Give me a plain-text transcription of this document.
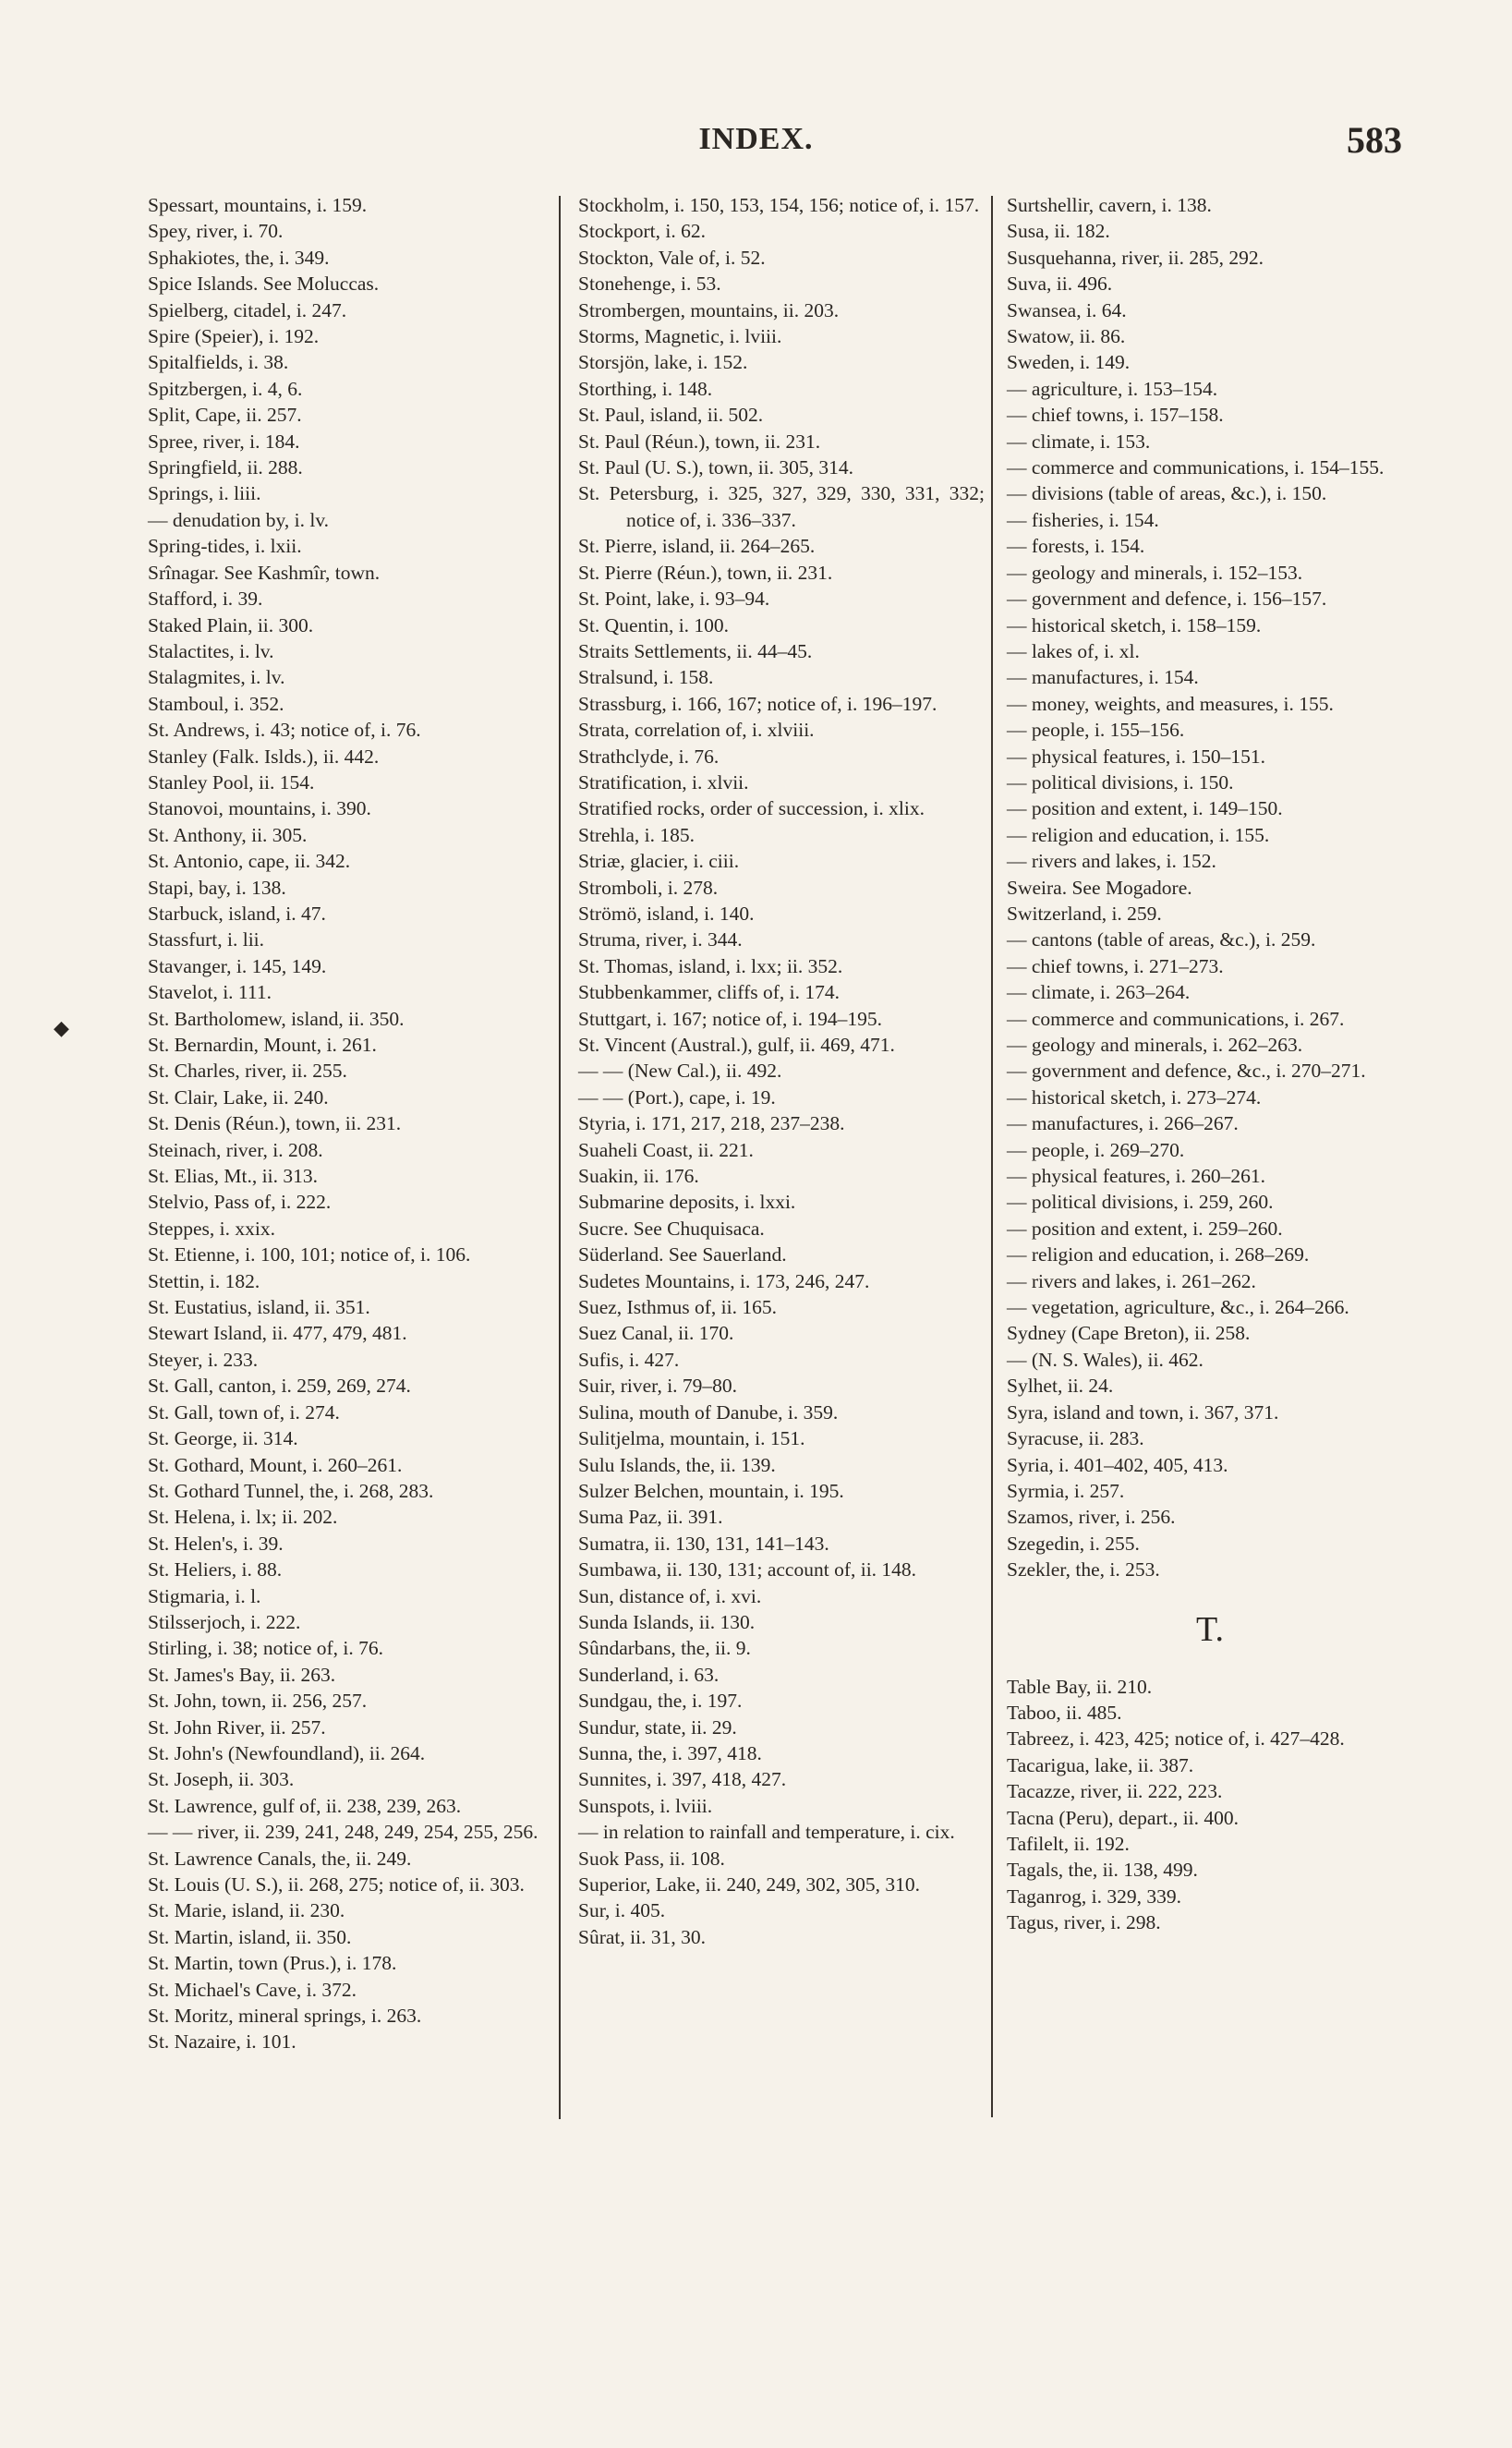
INDEX.	583
◆
Spessart, mountains, i. 159.
Spey, river, i. 70.
Sphakiotes, the, i. 349.
Spice Islands. See Moluccas.
Spielberg, citadel, i. 247.
Spire (Speier), i. 192.
Spitalfields, i. 38.
Spitzbergen, i. 4, 6.
Split, Cape, ii. 257.
Spree, river, i. 184.
Springfield, ii. 288.
Springs, i. liii.
— denudation by, i. lv.
Spring-tides, i. lxii.
Srînagar. See Kashmîr, town.
Stafford, i. 39.
Staked Plain, ii. 300.
Stalactites, i. lv.
Stalagmites, i. lv.
Stamboul, i. 352.
St. Andrews, i. 43; notice of, i. 76.
Stanley (Falk. Islds.), ii. 442.
Stanley Pool, ii. 154.
Stanovoi, mountains, i. 390.
St. Anthony, ii. 305.
St. Antonio, cape, ii. 342.
Stapi, bay, i. 138.
Starbuck, island, i. 47.
Stassfurt, i. lii.
Stavanger, i. 145, 149.
Stavelot, i. 111.
St. Bartholomew, island, ii. 350.
St. Bernardin, Mount, i. 261.
St. Charles, river, ii. 255.
St. Clair, Lake, ii. 240.
St. Denis (Réun.), town, ii. 231.
Steinach, river, i. 208.
St. Elias, Mt., ii. 313.
Stelvio, Pass of, i. 222.
Steppes, i. xxix.
St. Etienne, i. 100, 101; notice of, i. 106.
Stettin, i. 182.
St. Eustatius, island, ii. 351.
Stewart Island, ii. 477, 479, 481.
Steyer, i. 233.
St. Gall, canton, i. 259, 269, 274.
St. Gall, town of, i. 274.
St. George, ii. 314.
St. Gothard, Mount, i. 260–261.
St. Gothard Tunnel, the, i. 268, 283.
St. Helena, i. lx; ii. 202.
St. Helen's, i. 39.
St. Heliers, i. 88.
Stigmaria, i. l.
Stilsserjoch, i. 222.
Stirling, i. 38; notice of, i. 76.
St. James's Bay, ii. 263.
St. John, town, ii. 256, 257.
St. John River, ii. 257.
St. John's (Newfoundland), ii. 264.
St. Joseph, ii. 303.
St. Lawrence, gulf of, ii. 238, 239, 263.
— — river, ii. 239, 241, 248, 249, 254, 255, 256.
St. Lawrence Canals, the, ii. 249.
St. Louis (U. S.), ii. 268, 275; notice of, ii. 303.
St. Marie, island, ii. 230.
St. Martin, island, ii. 350.
St. Martin, town (Prus.), i. 178.
St. Michael's Cave, i. 372.
St. Moritz, mineral springs, i. 263.
St. Nazaire, i. 101.
Stockholm, i. 150, 153, 154, 156; notice of, i. 157.
Stockport, i. 62.
Stockton, Vale of, i. 52.
Stonehenge, i. 53.
Strombergen, mountains, ii. 203.
Storms, Magnetic, i. lviii.
Storsjön, lake, i. 152.
Storthing, i. 148.
St. Paul, island, ii. 502.
St. Paul (Réun.), town, ii. 231.
St. Paul (U. S.), town, ii. 305, 314.
St. Petersburg, i. 325, 327, 329, 330, 331, 332; notice of, i. 336–337.
St. Pierre, island, ii. 264–265.
St. Pierre (Réun.), town, ii. 231.
St. Point, lake, i. 93–94.
St. Quentin, i. 100.
Straits Settlements, ii. 44–45.
Stralsund, i. 158.
Strassburg, i. 166, 167; notice of, i. 196–197.
Strata, correlation of, i. xlviii.
Strathclyde, i. 76.
Stratification, i. xlvii.
Stratified rocks, order of succession, i. xlix.
Strehla, i. 185.
Striæ, glacier, i. ciii.
Stromboli, i. 278.
Strömö, island, i. 140.
Struma, river, i. 344.
St. Thomas, island, i. lxx; ii. 352.
Stubbenkammer, cliffs of, i. 174.
Stuttgart, i. 167; notice of, i. 194–195.
St. Vincent (Austral.), gulf, ii. 469, 471.
— — (New Cal.), ii. 492.
— — (Port.), cape, i. 19.
Styria, i. 171, 217, 218, 237–238.
Suaheli Coast, ii. 221.
Suakin, ii. 176.
Submarine deposits, i. lxxi.
Sucre. See Chuquisaca.
Süderland. See Sauerland.
Sudetes Mountains, i. 173, 246, 247.
Suez, Isthmus of, ii. 165.
Suez Canal, ii. 170.
Sufis, i. 427.
Suir, river, i. 79–80.
Sulina, mouth of Danube, i. 359.
Sulitjelma, mountain, i. 151.
Sulu Islands, the, ii. 139.
Sulzer Belchen, mountain, i. 195.
Suma Paz, ii. 391.
Sumatra, ii. 130, 131, 141–143.
Sumbawa, ii. 130, 131; account of, ii. 148.
Sun, distance of, i. xvi.
Sunda Islands, ii. 130.
Sûndarbans, the, ii. 9.
Sunderland, i. 63.
Sundgau, the, i. 197.
Sundur, state, ii. 29.
Sunna, the, i. 397, 418.
Sunnites, i. 397, 418, 427.
Sunspots, i. lviii.
— in relation to rainfall and temperature, i. cix.
Suok Pass, ii. 108.
Superior, Lake, ii. 240, 249, 302, 305, 310.
Sur, i. 405.
Sûrat, ii. 31, 30.
Surtshellir, cavern, i. 138.
Susa, ii. 182.
Susquehanna, river, ii. 285, 292.
Suva, ii. 496.
Swansea, i. 64.
Swatow, ii. 86.
Sweden, i. 149.
— agriculture, i. 153–154.
— chief towns, i. 157–158.
— climate, i. 153.
— commerce and communications, i. 154–155.
— divisions (table of areas, &c.), i. 150.
— fisheries, i. 154.
— forests, i. 154.
— geology and minerals, i. 152–153.
— government and defence, i. 156–157.
— historical sketch, i. 158–159.
— lakes of, i. xl.
— manufactures, i. 154.
— money, weights, and measures, i. 155.
— people, i. 155–156.
— physical features, i. 150–151.
— political divisions, i. 150.
— position and extent, i. 149–150.
— religion and education, i. 155.
— rivers and lakes, i. 152.
Sweira. See Mogadore.
Switzerland, i. 259.
— cantons (table of areas, &c.), i. 259.
— chief towns, i. 271–273.
— climate, i. 263–264.
— commerce and communications, i. 267.
— geology and minerals, i. 262–263.
— government and defence, &c., i. 270–271.
— historical sketch, i. 273–274.
— manufactures, i. 266–267.
— people, i. 269–270.
— physical features, i. 260–261.
— political divisions, i. 259, 260.
— position and extent, i. 259–260.
— religion and education, i. 268–269.
— rivers and lakes, i. 261–262.
— vegetation, agriculture, &c., i. 264–266.
Sydney (Cape Breton), ii. 258.
— (N. S. Wales), ii. 462.
Sylhet, ii. 24.
Syra, island and town, i. 367, 371.
Syracuse, ii. 283.
Syria, i. 401–402, 405, 413.
Syrmia, i. 257.
Szamos, river, i. 256.
Szegedin, i. 255.
Szekler, the, i. 253.
T.
Table Bay, ii. 210.
Taboo, ii. 485.
Tabreez, i. 423, 425; notice of, i. 427–428.
Tacarigua, lake, ii. 387.
Tacazze, river, ii. 222, 223.
Tacna (Peru), depart., ii. 400.
Tafilelt, ii. 192.
Tagals, the, ii. 138, 499.
Taganrog, i. 329, 339.
Tagus, river, i. 298.
